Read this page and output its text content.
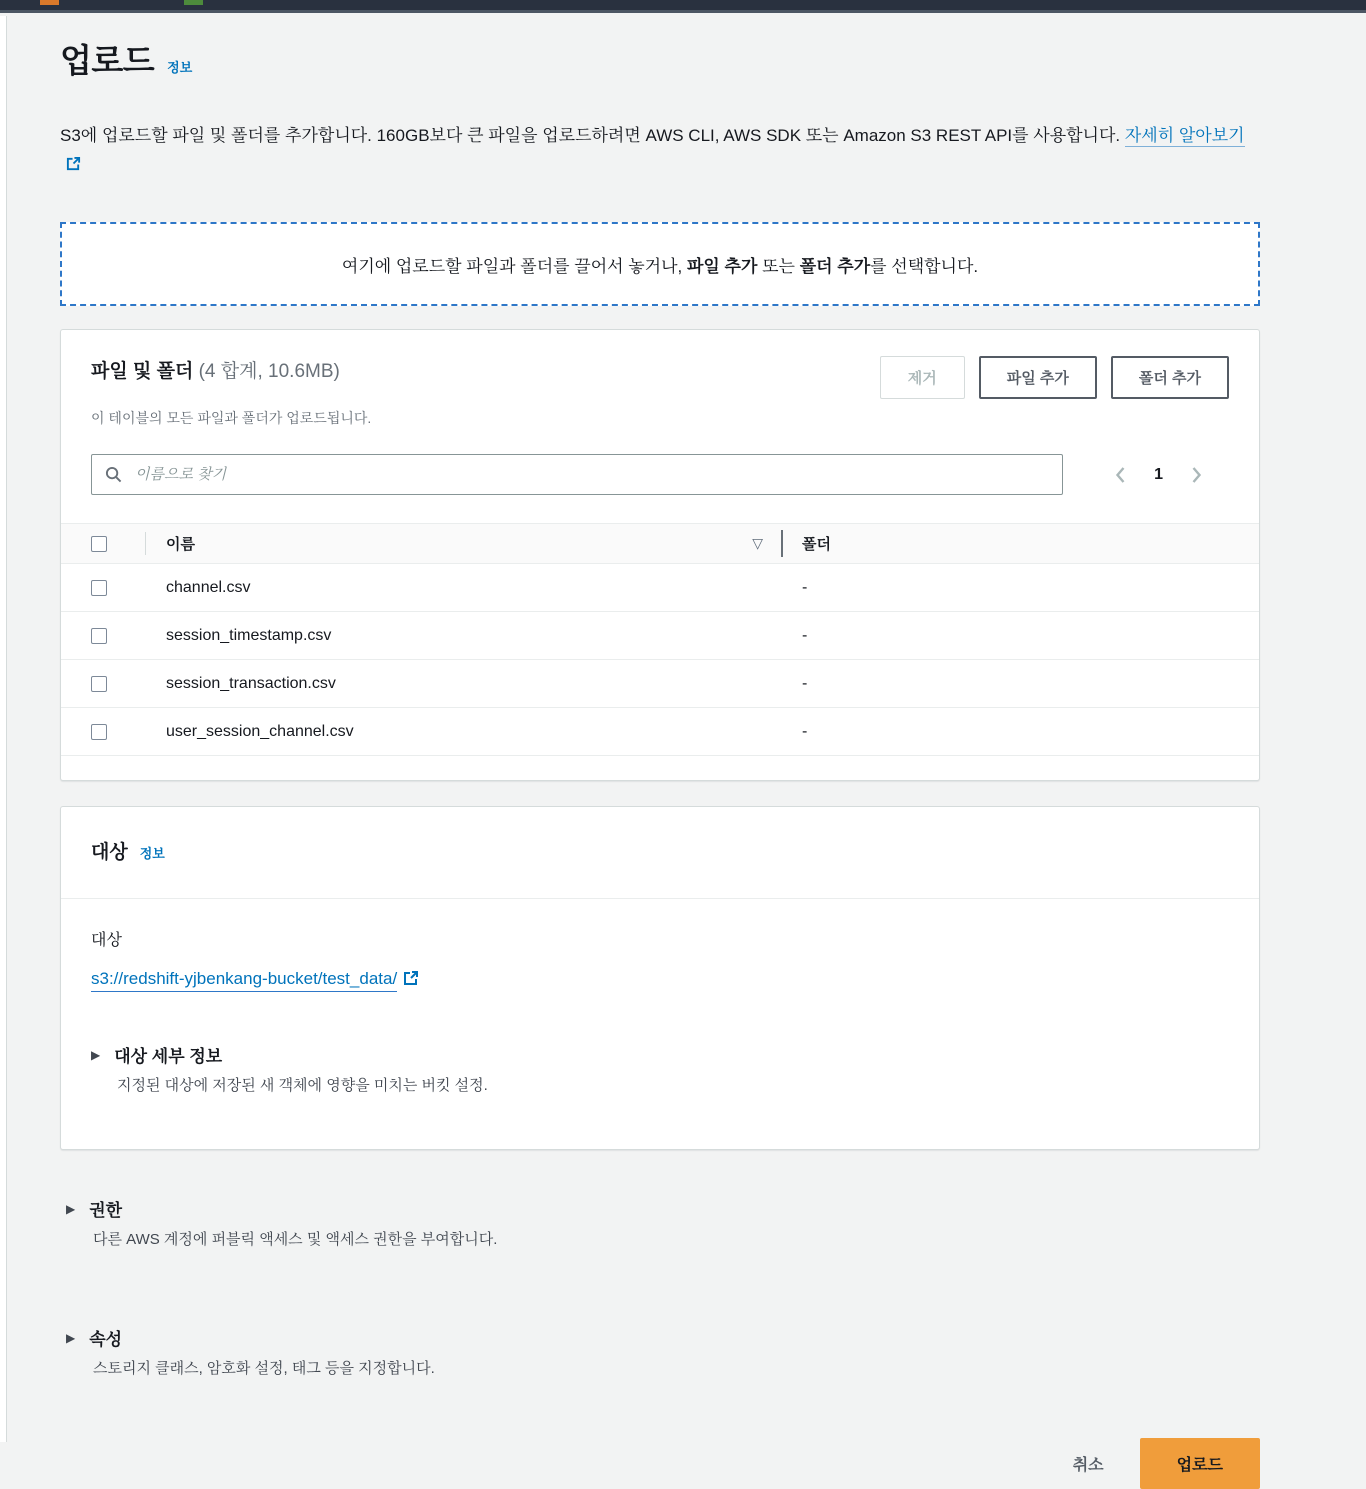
업로드 정보
S3에 업로드할 파일 및 폴더를 추가합니다. 160GB보다 큰 파일을 업로드하려면 AWS CLI, AWS SDK 또는 Amazon S3 REST API를 사용합니다. 자세히 알아보기
여기에 업로드할 파일과 폴더를 끌어서 놓거나, 파일 추가 또는 폴더 추가를 선택합니다.
파일 및 폴더 (4 합계, 10.6MB)	제거	파일 추가	폴더 추가
이 테이블의 모든 파일과 폴더가 업로드됩니다.
이름으로 찾기
1
이름	▽	폴더
channel.csv	-
session_timestamp.csv	-
session_transaction.csv	-
user_session_channel.csv	-
대상 정보
대상
s3://redshift-yjbenkang-bucket/test_data/
▶ 대상 세부 정보
지정된 대상에 저장된 새 객체에 영향을 미치는 버킷 설정.
▶ 권한
다른 AWS 계정에 퍼블릭 액세스 및 액세스 권한을 부여합니다.
▶ 속성
스토리지 클래스, 암호화 설정, 태그 등을 지정합니다.
취소	업로드
